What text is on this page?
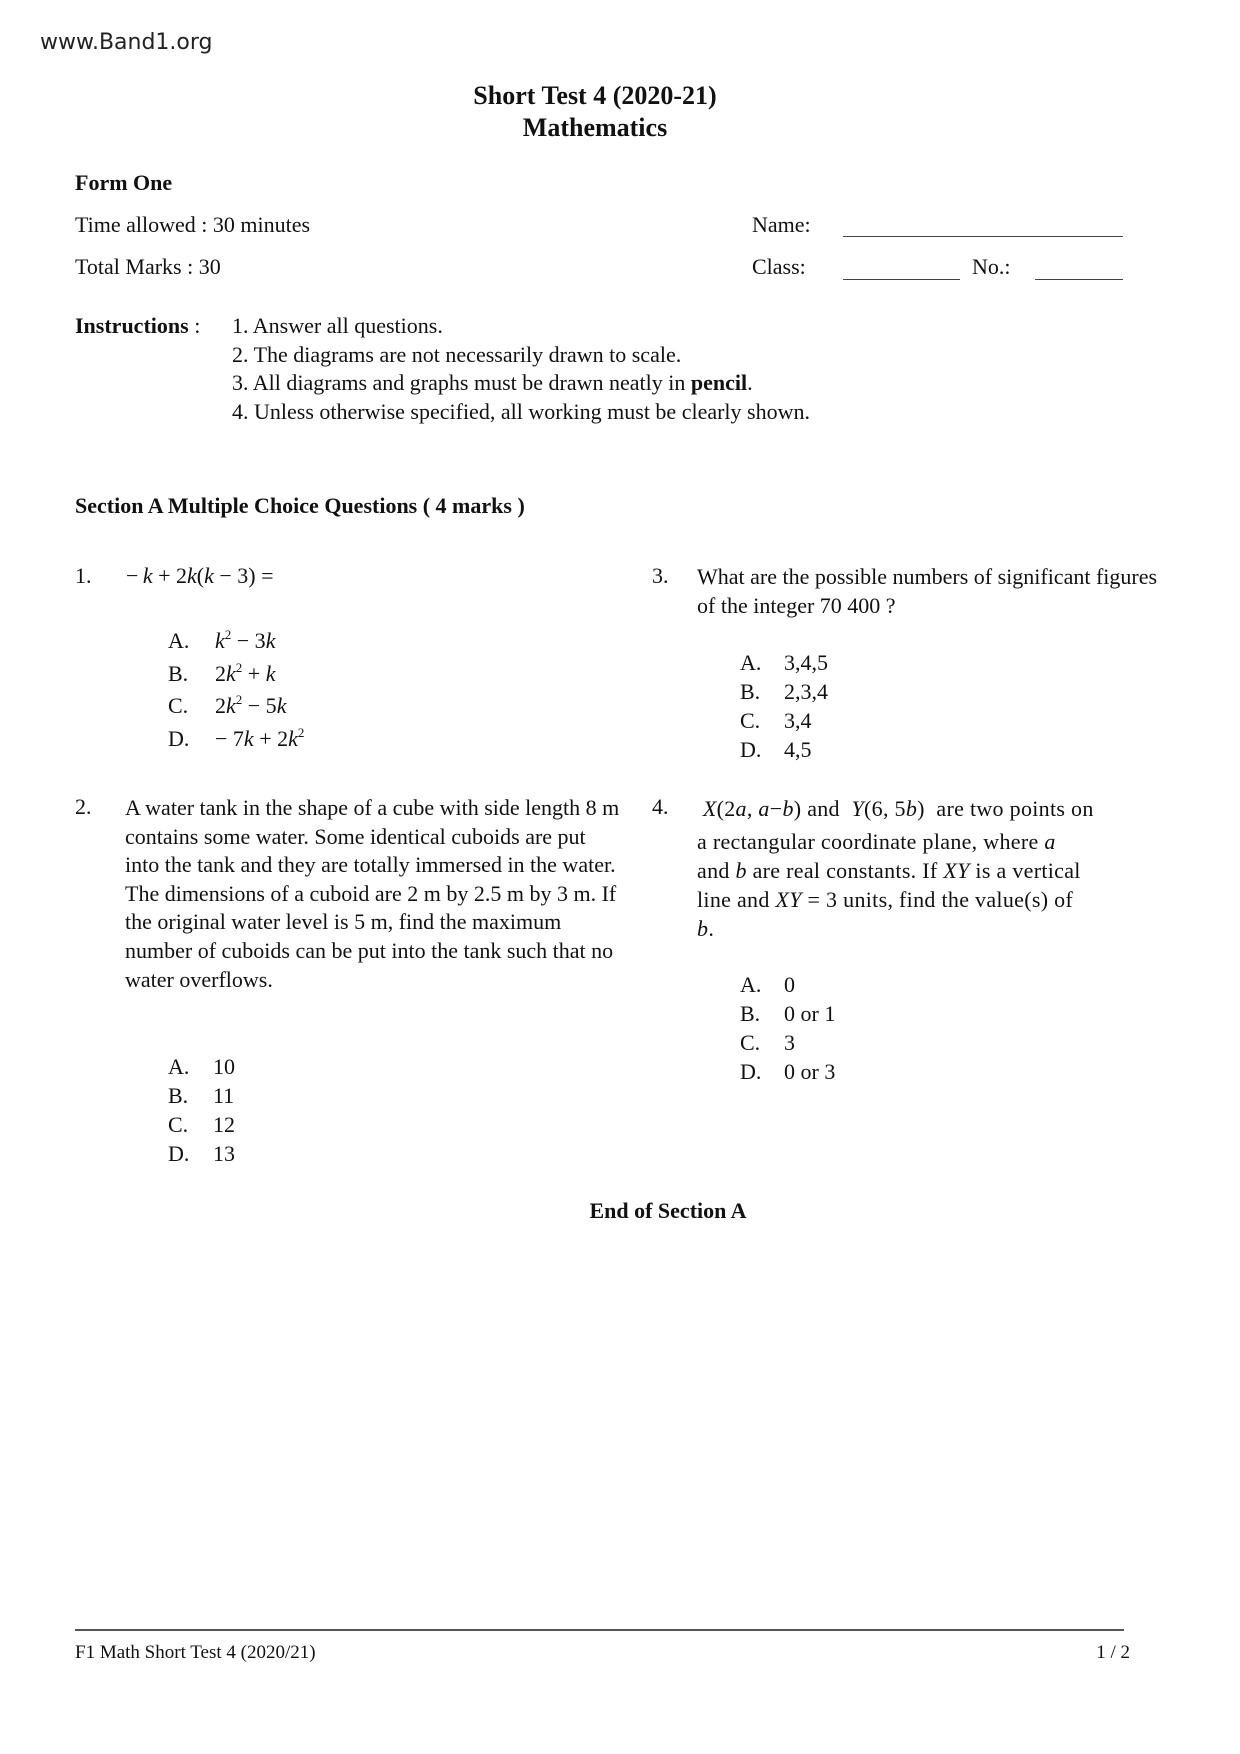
www.Band1.org
Short Test 4 (2020-21)
Mathematics
Form One
Time allowed : 30 minutes
Total Marks : 30
Name:
Class:	No.:
Instructions : 1. Answer all questions.
2. The diagrams are not necessarily drawn to scale.
3. All diagrams and graphs must be drawn neatly in pencil.
4. Unless otherwise specified, all working must be clearly shown.
Section A Multiple Choice Questions ( 4 marks )
1. − k + 2k(k − 3) =
A. $k^2 - 3k$
B. $2k^2 + k$
C. $2k^2 - 5k$
D. − $7k + 2k^2$
3. What are the possible numbers of significant figures of the integer 70 400 ?
A. 3,4,5
B. 2,3,4
C. 3,4
D. 4,5
2. A water tank in the shape of a cube with side length 8 m contains some water. Some identical cuboids are put into the tank and they are totally immersed in the water. The dimensions of a cuboid are 2 m by 2.5 m by 3 m. If the original water level is 5 m, find the maximum number of cuboids can be put into the tank such that no water overflows.
A. 10
B. 11
C. 12
D. 13
4. X(2a, a−b) and  Y(6, 5b)  are two points on
a rectangular coordinate plane, where a
and b are real constants. If XY is a vertical
line and XY = 3 units, find the value(s) of
b.
A. 0
B. 0 or 1
C. 3
D. 0 or 3
End of Section A
F1 Math Short Test 4 (2020/21)	1 / 2
